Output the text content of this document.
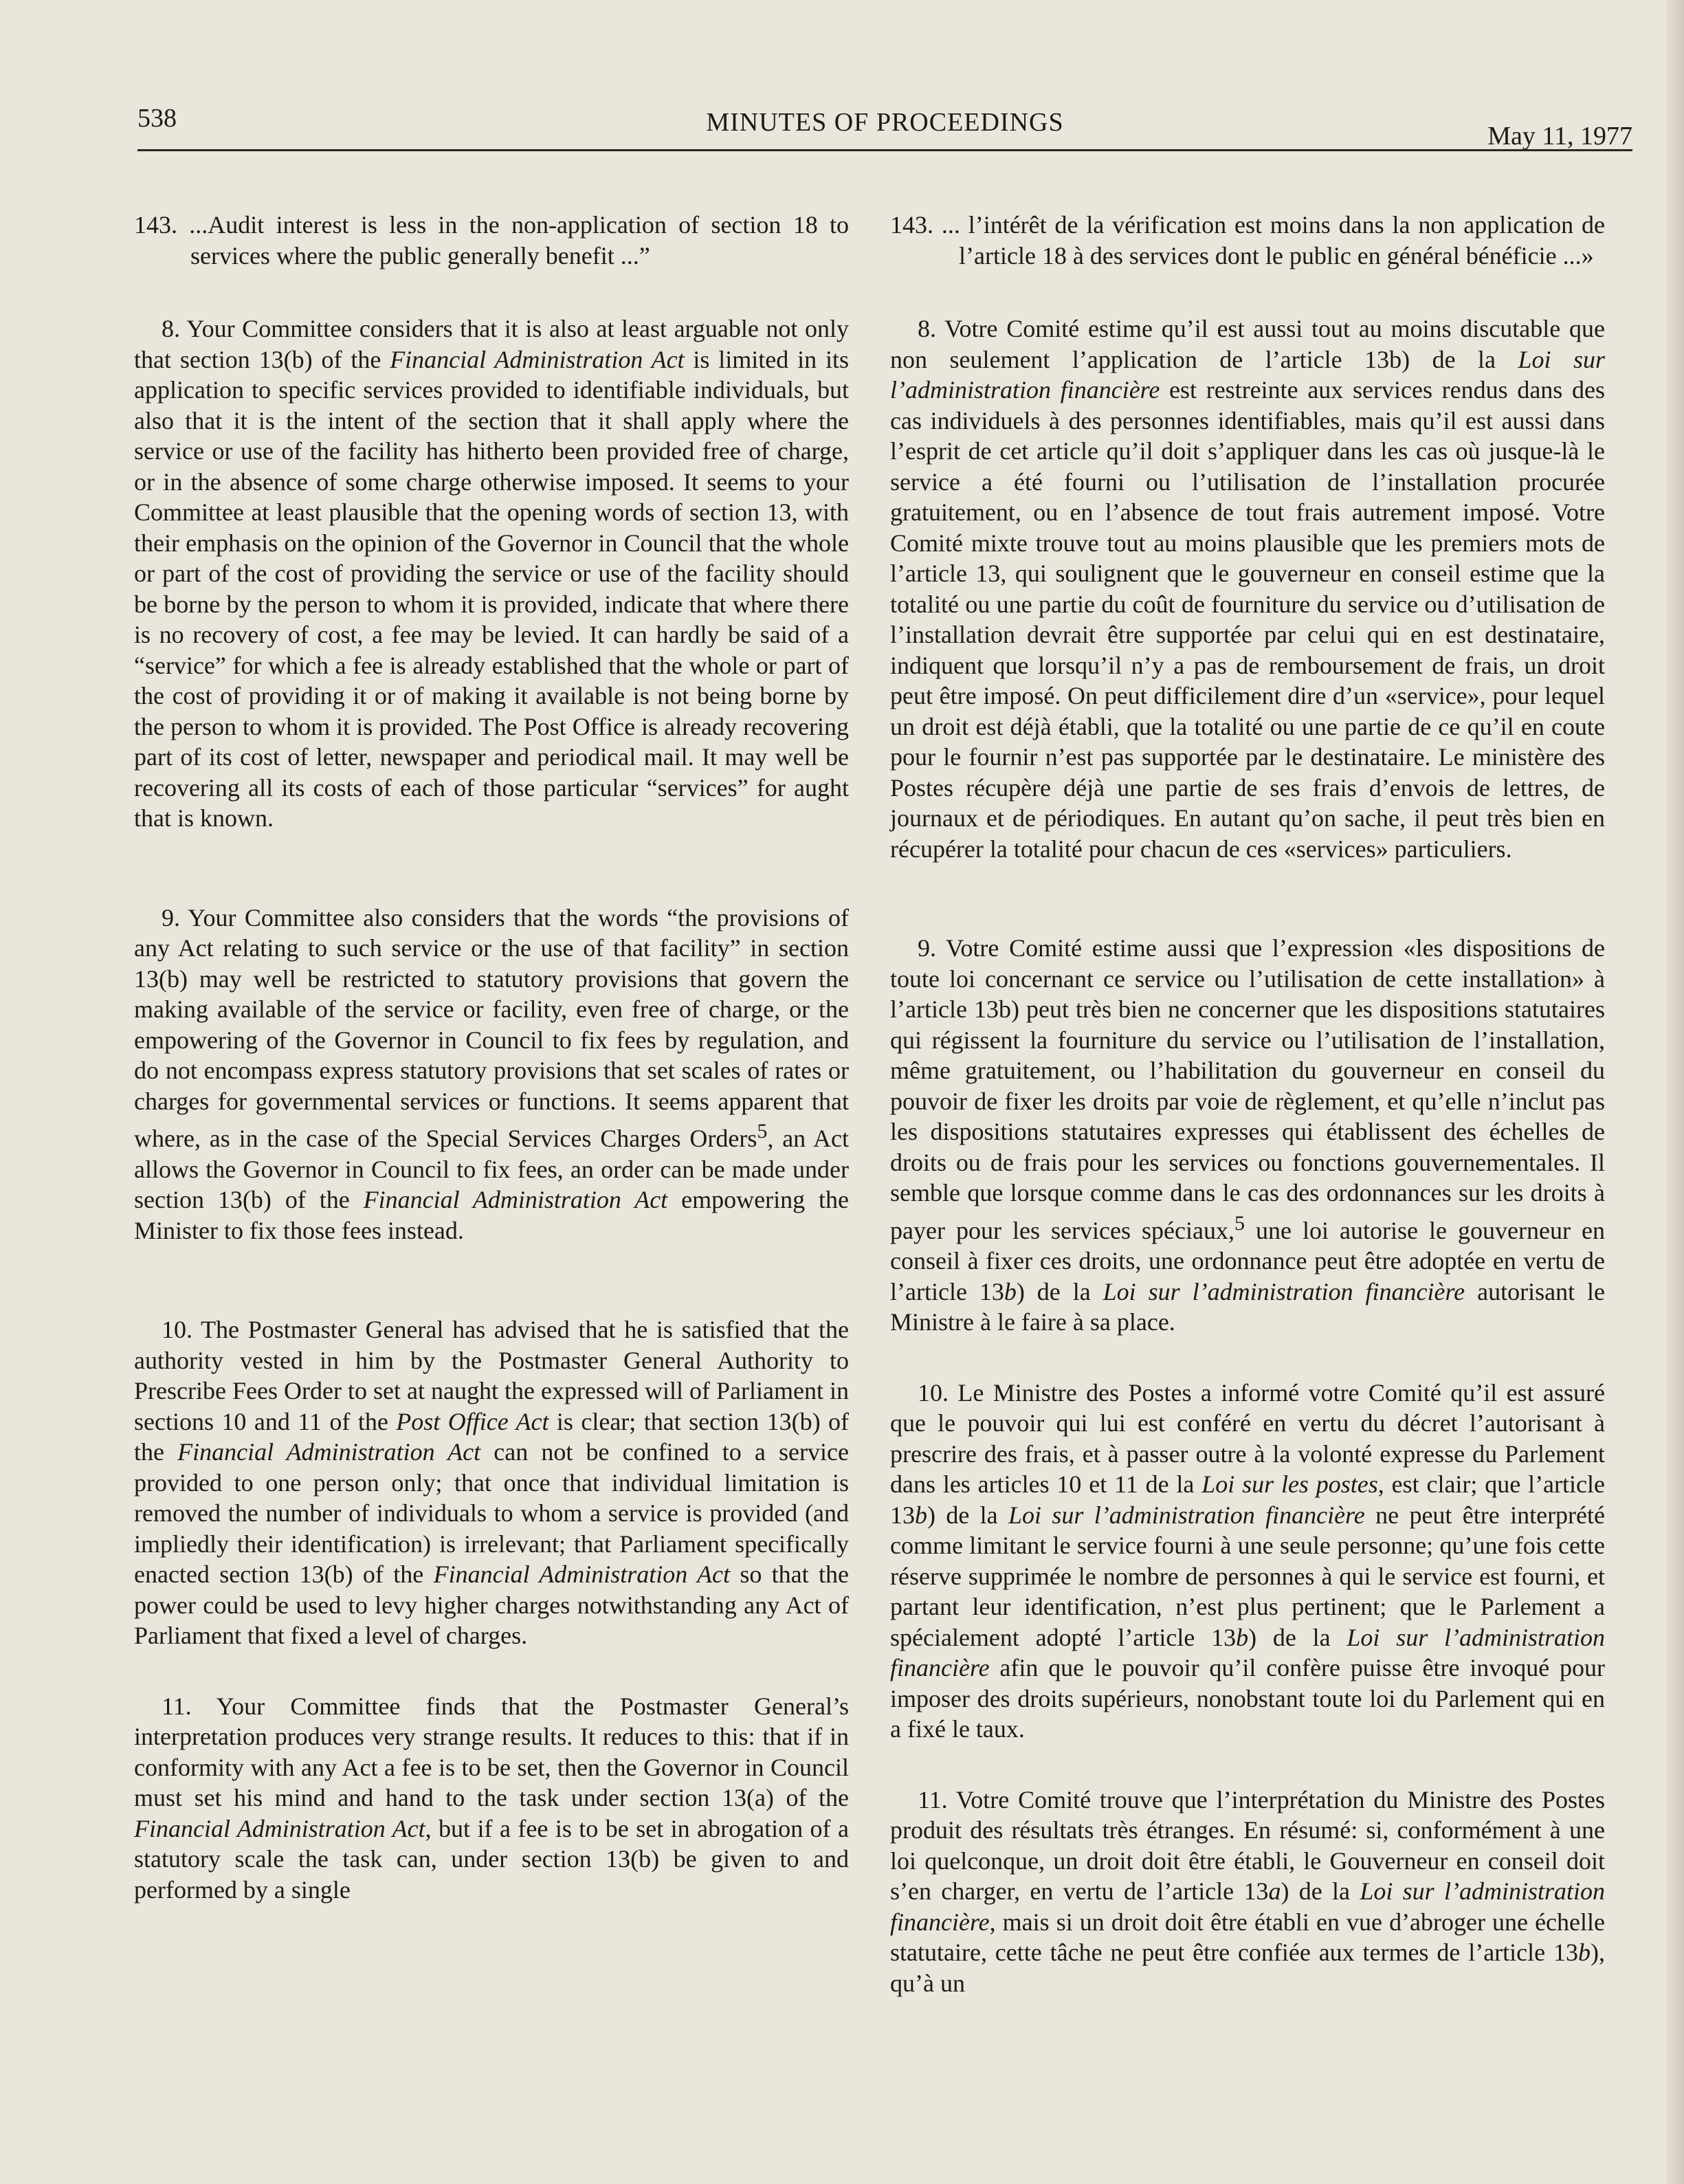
538	MINUTES OF PROCEEDINGS	May 11, 1977

143. ...Audit interest is less in the non-application of section 18 to services where the public generally benefit ...”

8. Your Committee considers that it is also at least arguable not only that section 13(b) of the Financial Administration Act is limited in its application to specific services provided to identifiable individuals, but also that it is the intent of the section that it shall apply where the service or use of the facility has hitherto been provided free of charge, or in the absence of some charge otherwise imposed. It seems to your Committee at least plausible that the opening words of section 13, with their emphasis on the opinion of the Governor in Council that the whole or part of the cost of providing the service or use of the facility should be borne by the person to whom it is provided, indicate that where there is no recovery of cost, a fee may be levied. It can hardly be said of a “service” for which a fee is already established that the whole or part of the cost of providing it or of making it available is not being borne by the person to whom it is provided. The Post Office is already recovering part of its cost of letter, newspaper and periodical mail. It may well be recovering all its costs of each of those particular “services” for aught that is known.

9. Your Committee also considers that the words “the provisions of any Act relating to such service or the use of that facility” in section 13(b) may well be restricted to statutory provisions that govern the making available of the service or facility, even free of charge, or the empowering of the Governor in Council to fix fees by regulation, and do not encompass express statutory provisions that set scales of rates or charges for governmental services or functions. It seems apparent that where, as in the case of the Special Services Charges Orders$^5$, an Act allows the Governor in Council to fix fees, an order can be made under section 13(b) of the Financial Administration Act empowering the Minister to fix those fees instead.

10. The Postmaster General has advised that he is satisfied that the authority vested in him by the Postmaster General Authority to Prescribe Fees Order to set at naught the expressed will of Parliament in sections 10 and 11 of the Post Office Act is clear; that section 13(b) of the Financial Administration Act can not be confined to a service provided to one person only; that once that individual limitation is removed the number of individuals to whom a service is provided (and impliedly their identification) is irrelevant; that Parliament specifically enacted section 13(b) of the Financial Administration Act so that the power could be used to levy higher charges notwithstanding any Act of Parliament that fixed a level of charges.

11. Your Committee finds that the Postmaster General’s interpretation produces very strange results. It reduces to this: that if in conformity with any Act a fee is to be set, then the Governor in Council must set his mind and hand to the task under section 13(a) of the Financial Administration Act, but if a fee is to be set in abrogation of a statutory scale the task can, under section 13(b) be given to and performed by a single

143. ... l’intérêt de la vérification est moins dans la non application de l’article 18 à des services dont le public en général bénéficie ...»

8. Votre Comité estime qu’il est aussi tout au moins discutable que non seulement l’application de l’article 13b) de la Loi sur l’administration financière est restreinte aux services rendus dans des cas individuels à des personnes identifiables, mais qu’il est aussi dans l’esprit de cet article qu’il doit s’appliquer dans les cas où jusque-là le service a été fourni ou l’utilisation de l’installation procurée gratuitement, ou en l’absence de tout frais autrement imposé. Votre Comité mixte trouve tout au moins plausible que les premiers mots de l’article 13, qui soulignent que le gouverneur en conseil estime que la totalité ou une partie du coût de fourniture du service ou d’utilisation de l’installation devrait être supportée par celui qui en est destinataire, indiquent que lorsqu’il n’y a pas de remboursement de frais, un droit peut être imposé. On peut difficilement dire d’un «service», pour lequel un droit est déjà établi, que la totalité ou une partie de ce qu’il en coute pour le fournir n’est pas supportée par le destinataire. Le ministère des Postes récupère déjà une partie de ses frais d’envois de lettres, de journaux et de périodiques. En autant qu’on sache, il peut très bien en récupérer la totalité pour chacun de ces «services» particuliers.

9. Votre Comité estime aussi que l’expression «les dispositions de toute loi concernant ce service ou l’utilisation de cette installation» à l’article 13b) peut très bien ne concerner que les dispositions statutaires qui régissent la fourniture du service ou l’utilisation de l’installation, même gratuitement, ou l’habilitation du gouverneur en conseil du pouvoir de fixer les droits par voie de règlement, et qu’elle n’inclut pas les dispositions statutaires expresses qui établissent des échelles de droits ou de frais pour les services ou fonctions gouvernementales. Il semble que lorsque comme dans le cas des ordonnances sur les droits à payer pour les services spéciaux,$^5$ une loi autorise le gouverneur en conseil à fixer ces droits, une ordonnance peut être adoptée en vertu de l’article 13b) de la Loi sur l’administration financière autorisant le Ministre à le faire à sa place.

10. Le Ministre des Postes a informé votre Comité qu’il est assuré que le pouvoir qui lui est conféré en vertu du décret l’autorisant à prescrire des frais, et à passer outre à la volonté expresse du Parlement dans les articles 10 et 11 de la Loi sur les postes, est clair; que l’article 13b) de la Loi sur l’administration financière ne peut être interprété comme limitant le service fourni à une seule personne; qu’une fois cette réserve supprimée le nombre de personnes à qui le service est fourni, et partant leur identification, n’est plus pertinent; que le Parlement a spécialement adopté l’article 13b) de la Loi sur l’administration financière afin que le pouvoir qu’il confère puisse être invoqué pour imposer des droits supérieurs, nonobstant toute loi du Parlement qui en a fixé le taux.

11. Votre Comité trouve que l’interprétation du Ministre des Postes produit des résultats très étranges. En résumé: si, conformément à une loi quelconque, un droit doit être établi, le Gouverneur en conseil doit s’en charger, en vertu de l’article 13a) de la Loi sur l’administration financière, mais si un droit doit être établi en vue d’abroger une échelle statutaire, cette tâche ne peut être confiée aux termes de l’article 13b), qu’à un
